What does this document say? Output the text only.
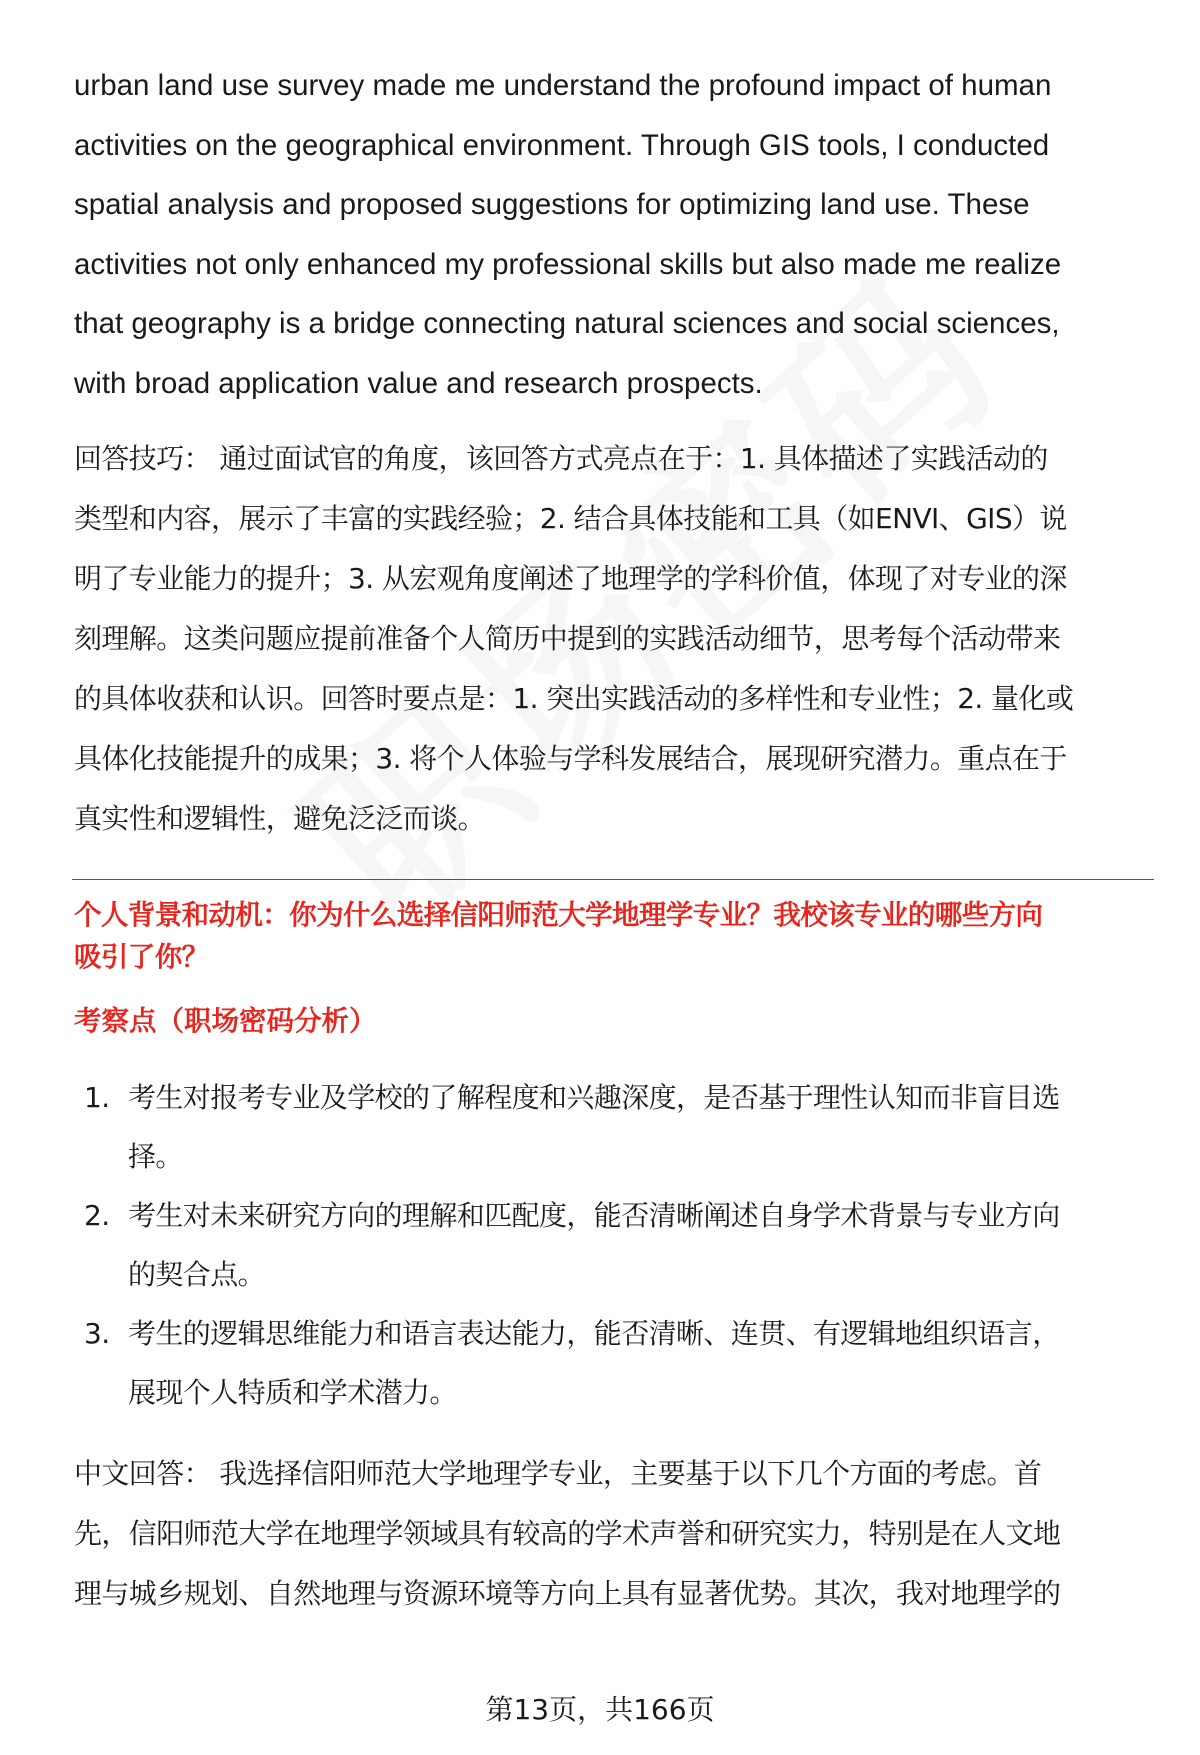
urban land use survey made me understand the profound impact of human
activities on the geographical environment. Through GIS tools, I conducted
spatial analysis and proposed suggestions for optimizing land use. These
activities not only enhanced my professional skills but also made me realize
that geography is a bridge connecting natural sciences and social sciences,
with broad application value and research prospects.

回答技巧： 通过面试官的角度，该回答方式亮点在于：1. 具体描述了实践活动的
类型和内容，展示了丰富的实践经验；2. 结合具体技能和工具（如ENVI、GIS）说
明了专业能力的提升；3. 从宏观角度阐述了地理学的学科价值，体现了对专业的深
刻理解。这类问题应提前准备个人简历中提到的实践活动细节，思考每个活动带来
的具体收获和认识。回答时要点是：1. 突出实践活动的多样性和专业性；2. 量化或
具体化技能提升的成果；3. 将个人体验与学科发展结合，展现研究潜力。重点在于
真实性和逻辑性，避免泛泛而谈。

个人背景和动机：你为什么选择信阳师范大学地理学专业？我校该专业的哪些方向
吸引了你？

考察点（职场密码分析）

1. 考生对报考专业及学校的了解程度和兴趣深度，是否基于理性认知而非盲目选
择。
2. 考生对未来研究方向的理解和匹配度，能否清晰阐述自身学术背景与专业方向
的契合点。
3. 考生的逻辑思维能力和语言表达能力，能否清晰、连贯、有逻辑地组织语言，
展现个人特质和学术潜力。

中文回答： 我选择信阳师范大学地理学专业，主要基于以下几个方面的考虑。首
先，信阳师范大学在地理学领域具有较高的学术声誉和研究实力，特别是在人文地
理与城乡规划、自然地理与资源环境等方向上具有显著优势。其次，我对地理学的

第13页，共166页
